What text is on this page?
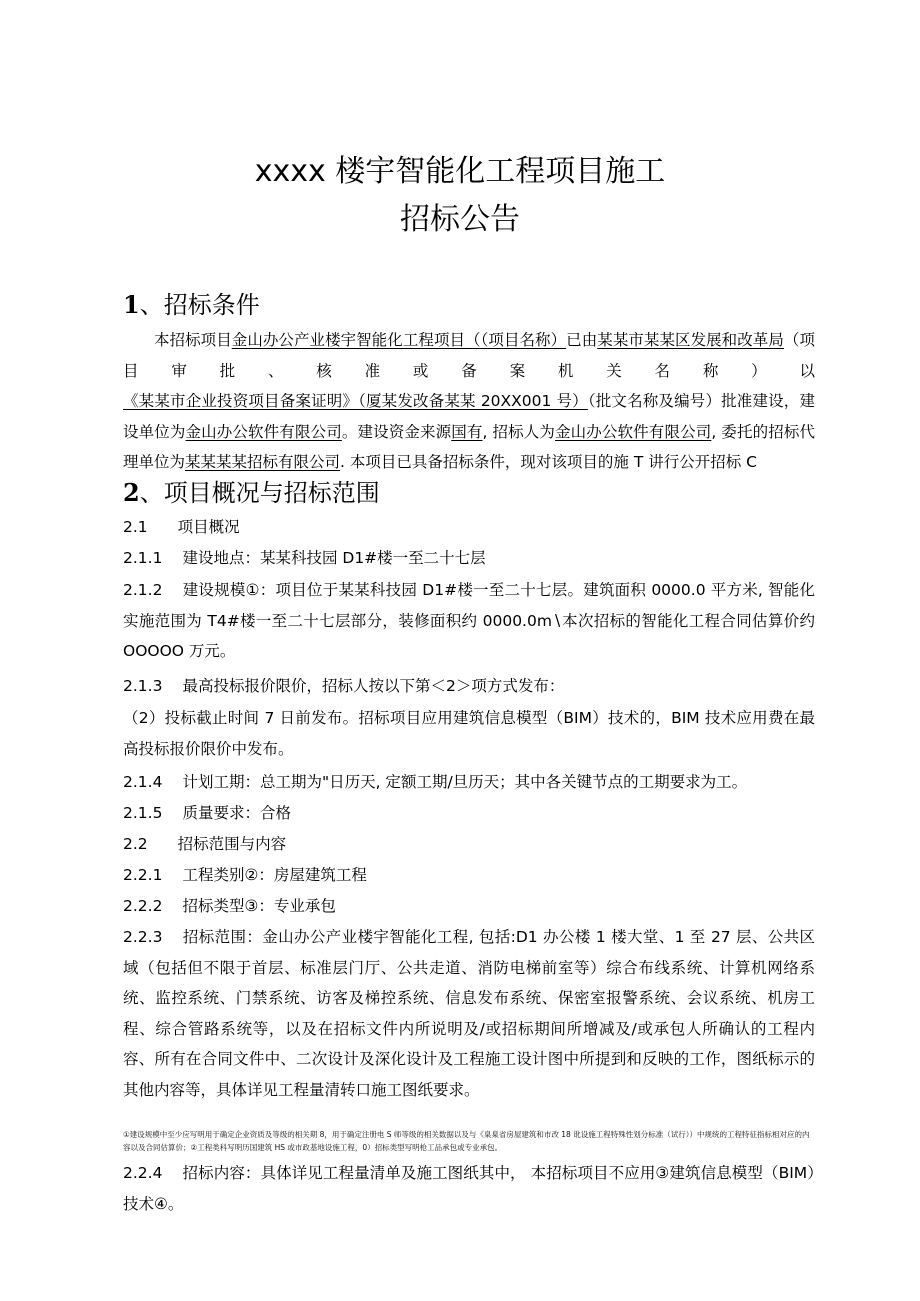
xxxx 楼宇智能化工程项目施工
招标公告
1、招标条件
本招标项目金山办公产业楼宇智能化工程项目（（项目名称）已由某某市某某区发展和改革局（项目审批、核准或备案机关名称）以《某某市企业投资项目备案证明》（厦某发改备某某 20XX001 号）（批文名称及编号）批准建设，建设单位为金山办公软件有限公司。建设资金来源国有, 招标人为金山办公软件有限公司, 委托的招标代理单位为某某某某招标有限公司. 本项目已具备招标条件，现对该项目的施 T 讲行公开招标 C
2、项目概况与招标范围
2.1 项目概况
2.1.1 建设地点：某某科技园 D1#楼一至二十七层
2.1.2 建设规模①：项目位于某某科技园 D1#楼一至二十七层。建筑面积 0000.0 平方米, 智能化实施范围为 T4#楼一至二十七层部分，装修面积约 0000.0m∖本次招标的智能化工程合同估算价约 OOOOO 万元。
2.1.3 最高投标报价限价，招标人按以下第＜2＞项方式发布：
（2）投标截止时间 7 日前发布。招标项目应用建筑信息模型（BIM）技术的，BIM 技术应用费在最高投标报价限价中发布。
2.1.4 计划工期：总工期为"日历天, 定额工期/旦历天；其中各关键节点的工期要求为工。
2.1.5 质量要求：合格
2.2 招标范围与内容
2.2.1 工程类别②：房屋建筑工程
2.2.2 招标类型③：专业承包
2.2.3 招标范围：金山办公产业楼宇智能化工程, 包括:D1 办公楼 1 楼大堂、1 至 27 层、公共区域（包括但不限于首层、标准层门厅、公共走道、消防电梯前室等）综合布线系统、计算机网络系统、监控系统、门禁系统、访客及梯控系统、信息发布系统、保密室报警系统、会议系统、机房工程、综合管路系统等，以及在招标文件内所说明及/或招标期间所增减及/或承包人所确认的工程内容、所有在合同文件中、二次设计及深化设计及工程施工设计图中所提到和反映的工作，图纸标示的其他内容等，具体详见工程量清转口施工图纸要求。
①建设规模中至少应写明用于确定企业资质及等级的相关期 8，用于确定注册电 S 师等级的相关数据以及与《臬臬省房屋建筑和市改 18 讹设施工程特殊性划分标准（试行））中规统的工程特征指标相对应的内容以及合同估算价；②工程类科写明历国建筑 HS 或市政基地设施工程，0）招标类型写明枪工品承包或专业承包。
2.2.4 招标内容：具体详见工程量清单及施工图纸其中， 本招标项目不应用③建筑信息模型（BIM）技术④。
